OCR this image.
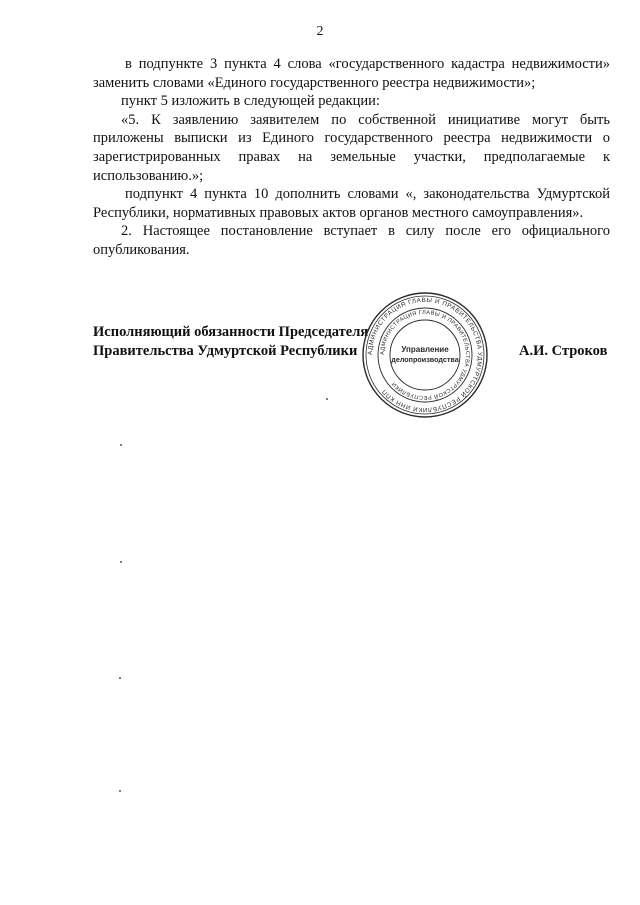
2

в подпункте 3 пункта 4 слова «государственного кадастра недвижимости» заменить словами «Единого государственного реестра недвижимости»;

пункт 5 изложить в следующей редакции:

«5. К заявлению заявителем по собственной инициативе могут быть приложены выписки из Единого государственного реестра недвижимости о зарегистрированных правах на земельные участки, предполагаемые к использованию.»;

подпункт 4 пункта 10 дополнить словами «, законодательства Удмуртской Республики, нормативных правовых актов органов местного самоуправления».

2. Настоящее постановление вступает в силу после его официального опубликования.

Исполняющий обязанности Председателя
Правительства Удмуртской Республики	А.И. Строков
АДМИНИСТРАЦИЯ ГЛАВЫ И ПРАВИТЕЛЬСТВА УДМУРТСКОЙ РЕСПУБЛИКИ ИНН КПП
АДМИНИСТРАЦИЯ ГЛАВЫ И ПРАВИТЕЛЬСТВА УДМУРТСКОЙ РЕСПУБЛИКИ
Управление
делопроизводства
